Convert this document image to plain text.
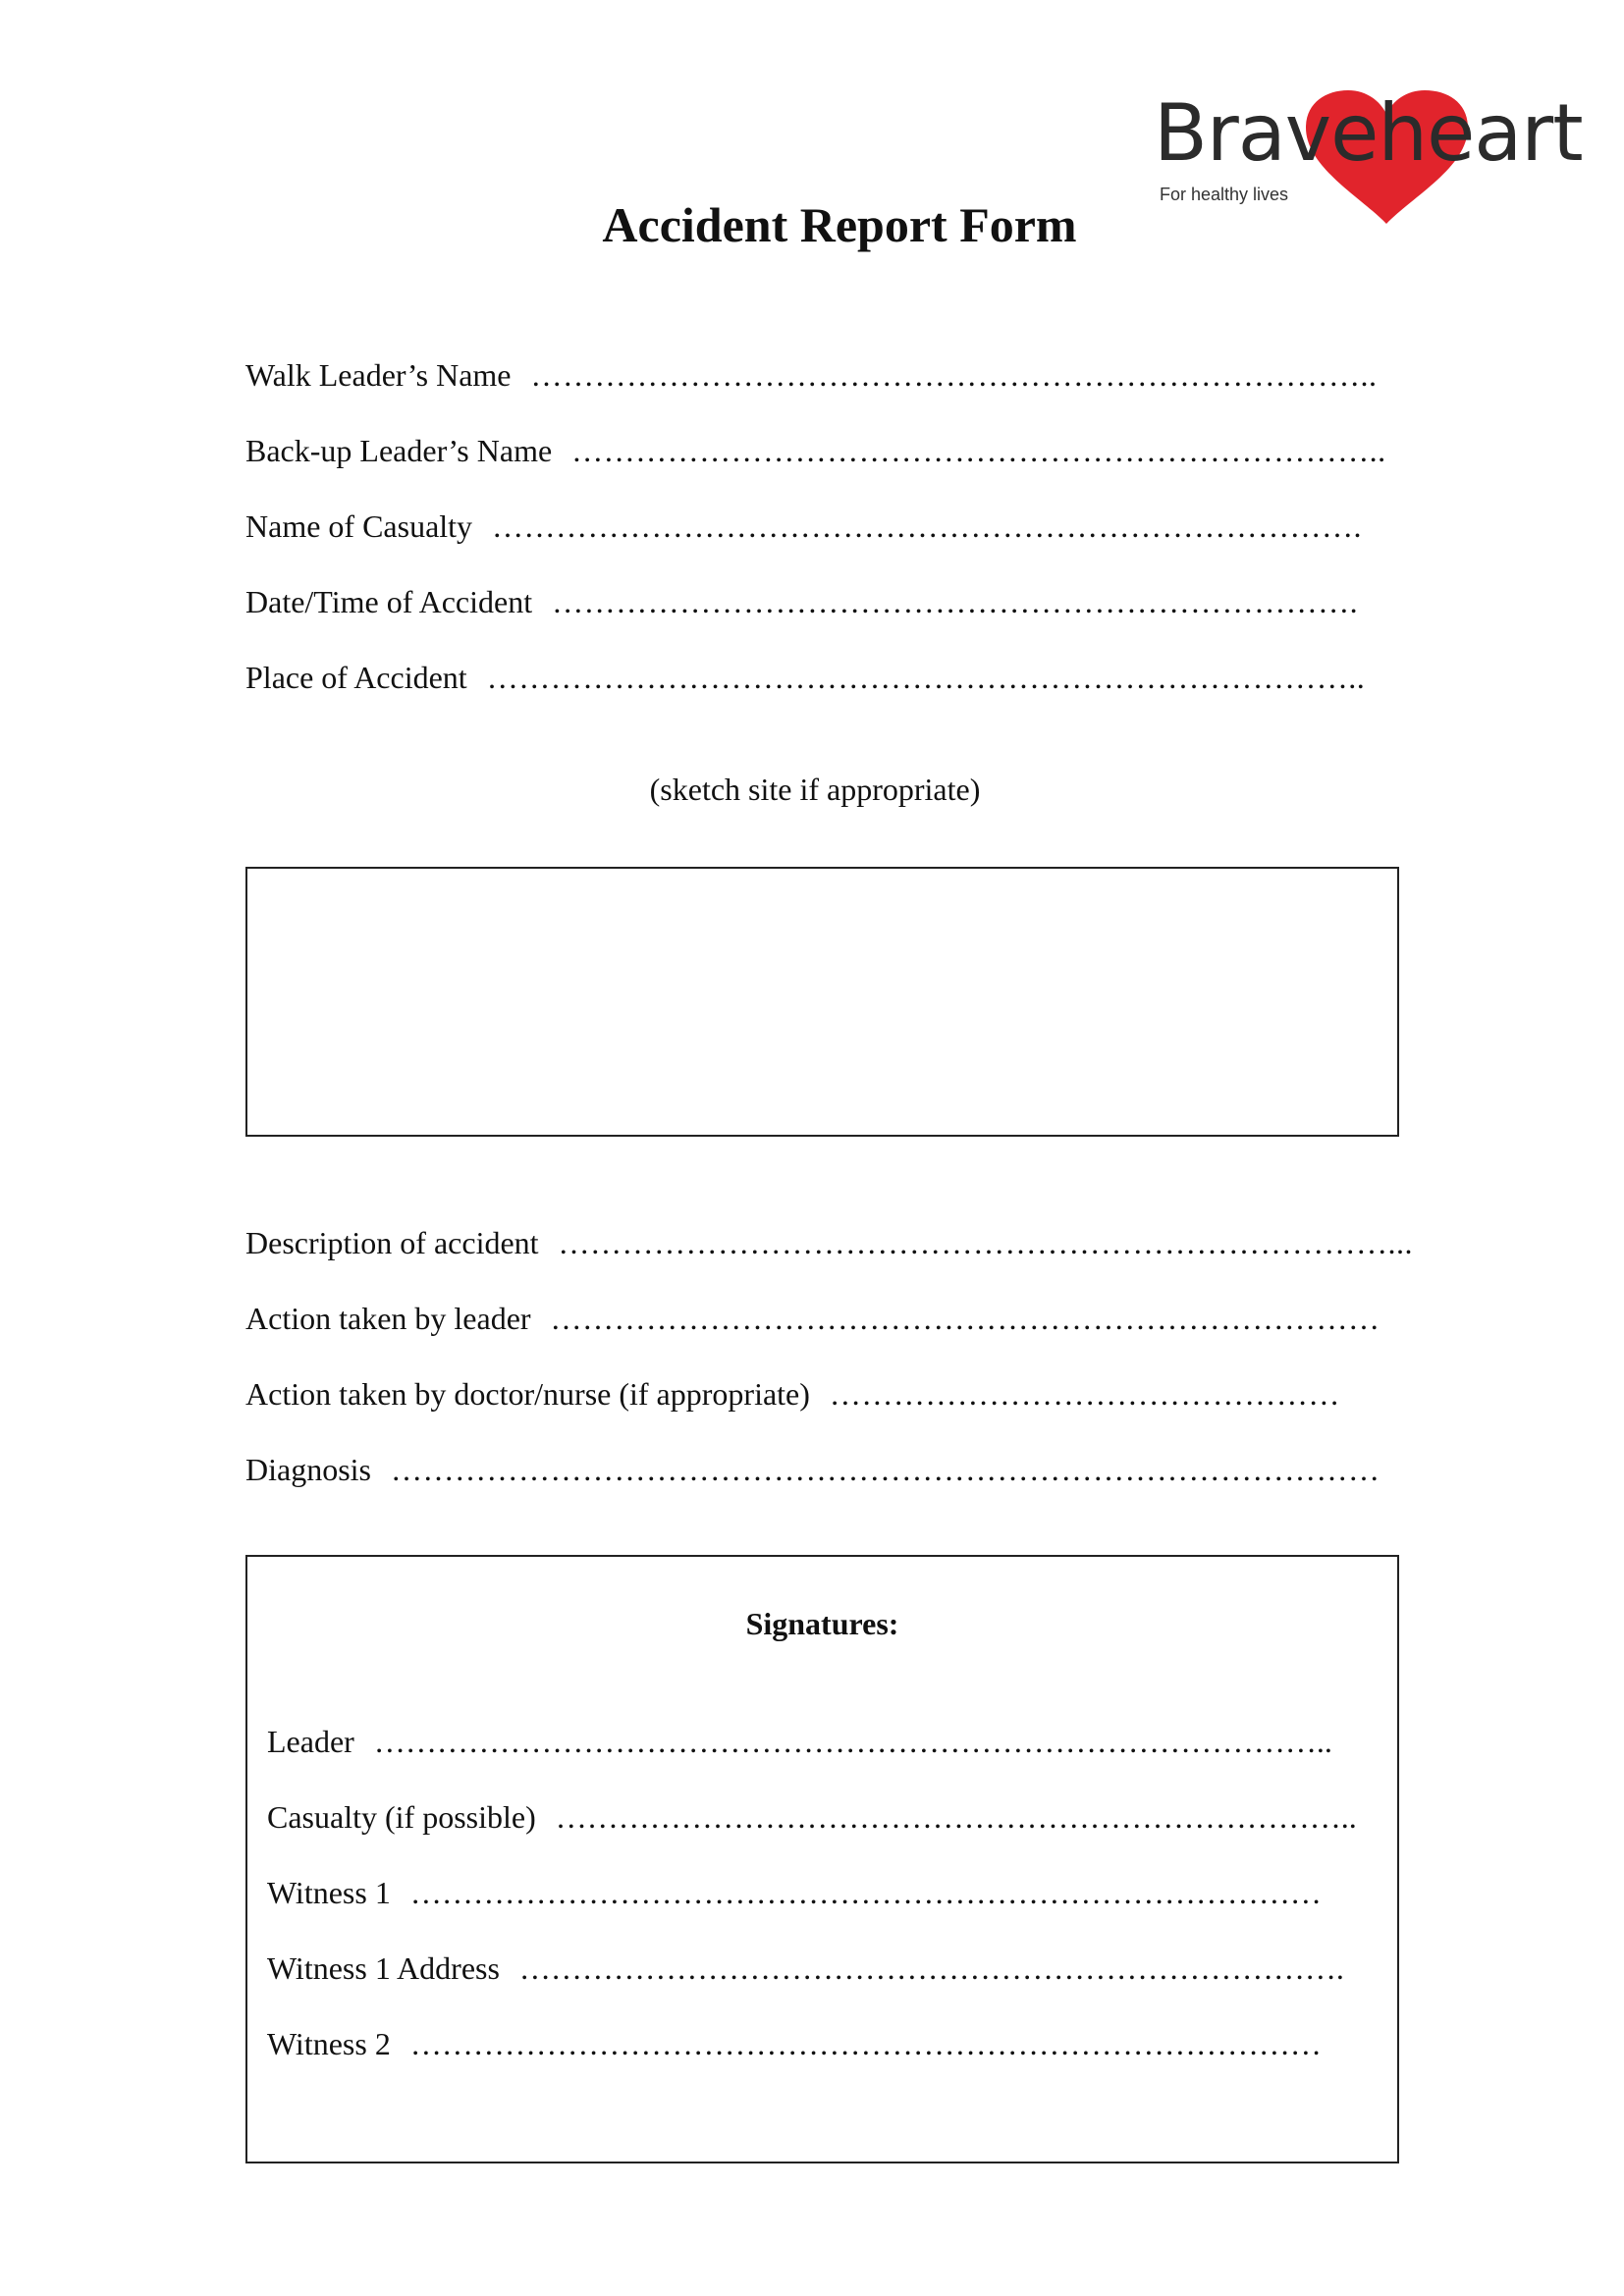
Braveheart
For healthy lives
Accident Report Form
Walk Leader’s Name ……………………………………………………………………..
Back-up Leader’s Name …………………………………………………………………..
Name of Casualty ……………………………………………………………………….
Date/Time of Accident ………………………………………………………………….
Place of Accident ………………………………………………………………………..
(sketch site if appropriate)
Description of accident ……………………………………………………………………...
Action taken by leader ……………………………………………………………………
Action taken by doctor/nurse (if appropriate) …………………………………………
Diagnosis …………………………………………………………………………………
Signatures:
Leader ………………………………………………………………………………..
Casualty (if possible) …………………………………………………………………..
Witness 1 ……………………………………………………………………………
Witness 1 Address …………………………………………………………………….
Witness 2 ……………………………………………………………………………
